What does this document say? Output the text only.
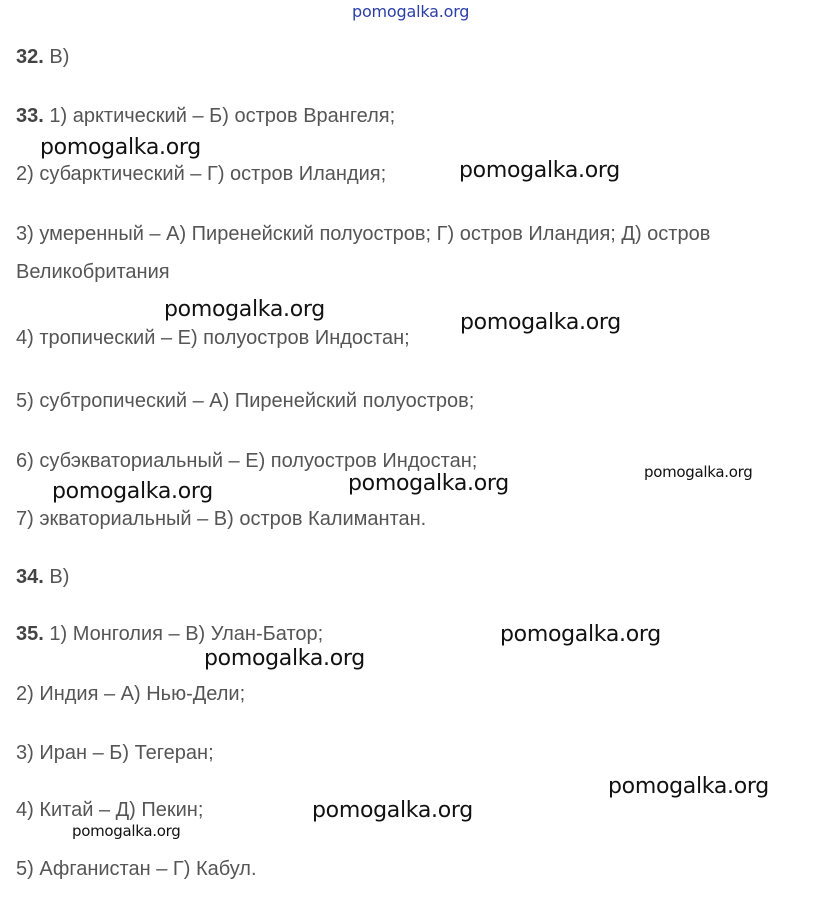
pomogalka.org

32. В)

33. 1) арктический – Б) остров Врангеля;

2) субарктический – Г) остров Иландия;

3) умеренный – А) Пиренейский полуостров; Г) остров Иландия; Д) остров

Великобритания

4) тропический – Е) полуостров Индостан;

5) субтропический – А) Пиренейский полуостров;

6) субэкваториальный – Е) полуостров Индостан;

7) экваториальный – В) остров Калимантан.

34. В)

35. 1) Монголия – В) Улан-Батор;

2) Индия – А) Нью-Дели;

3) Иран – Б) Тегеран;

4) Китай – Д) Пекин;

5) Афганистан – Г) Кабул.

pomogalka.org
pomogalka.org
pomogalka.org
pomogalka.org
pomogalka.org
pomogalka.org
pomogalka.org
pomogalka.org
pomogalka.org
pomogalka.org
pomogalka.org
pomogalka.org
